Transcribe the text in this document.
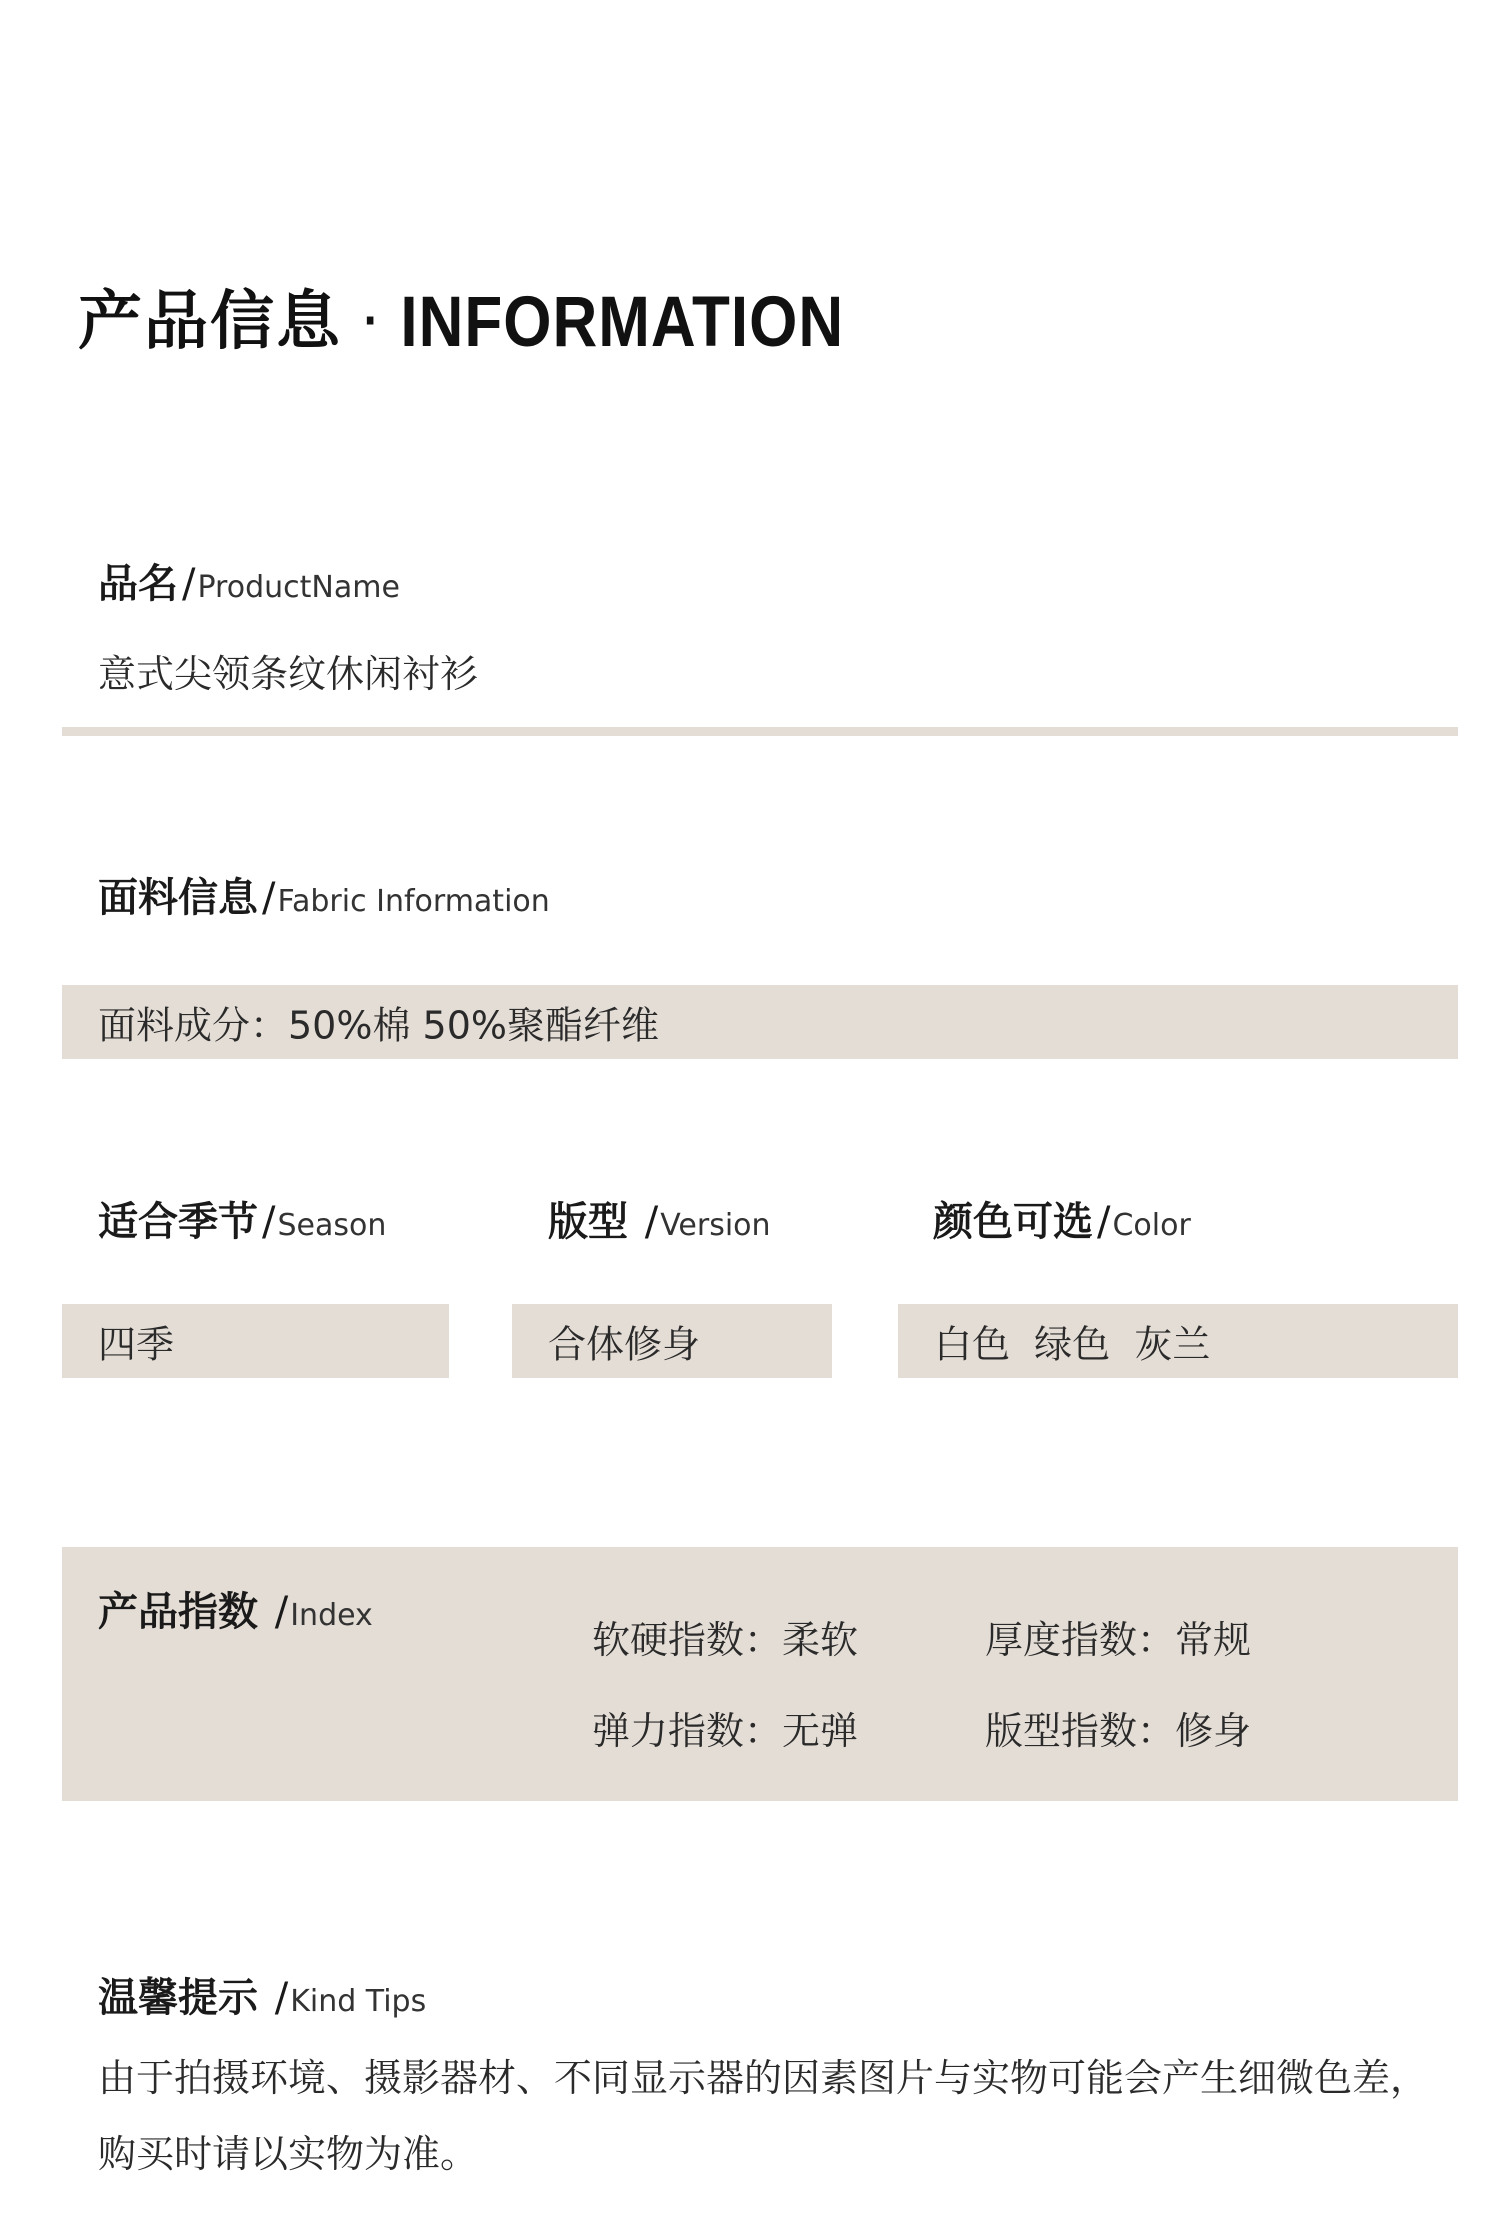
产品信息 · INFORMATION
品名 /ProductName
意式尖领条纹休闲衬衫
面料信息 /Fabric Information
面料成分：50%棉 50%聚酯纤维
适合季节 /Season	版型 /Version	颜色可选 /Color
四季	合体修身	白色  绿色  灰兰
产品指数 /Index
软硬指数：柔软	厚度指数：常规
弹力指数：无弹	版型指数：修身
温馨提示 /Kind Tips
由于拍摄环境、摄影器材、不同显示器的因素图片与实物可能会产生细微色差，购买时请以实物为准。
